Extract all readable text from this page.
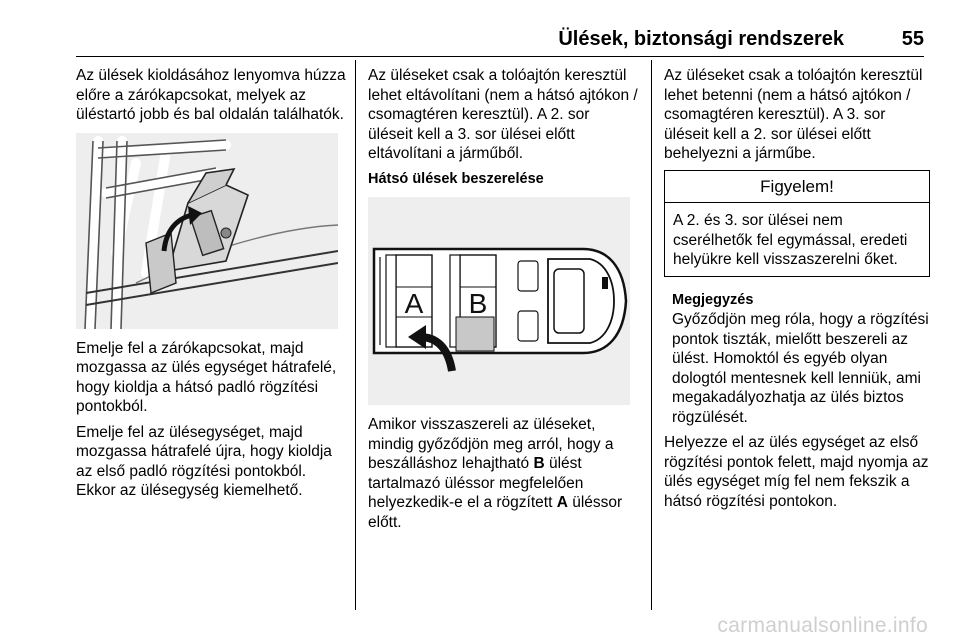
Ülések, biztonsági rendszerek	55

Az ülések kioldásához lenyomva húzza előre a zárókapcsokat, melyek az üléstartó jobb és bal oldalán találhatók.

Emelje fel a zárókapcsokat, majd mozgassa az ülés egységet hátrafelé, hogy kioldja a hátsó padló rögzítési pontokból.

Emelje fel az ülésegységet, majd mozgassa hátrafelé újra, hogy kioldja az első padló rögzítési pontokból. Ekkor az ülésegység kiemelhető.

Az üléseket csak a tolóajtón keresztül lehet eltávolítani (nem a hátsó ajtókon / csomagtéren keresztül). A 2. sor üléseit kell a 3. sor ülései előtt eltávolítani a járműből.

Hátsó ülések beszerelése
A B

Amikor visszaszereli az üléseket, mindig győződjön meg arról, hogy a beszálláshoz lehajtható B ülést tartalmazó üléssor megfelelően helyezkedik-e el a rögzített A üléssor előtt.

Az üléseket csak a tolóajtón keresztül lehet betenni (nem a hátsó ajtókon / csomagtéren keresztül). A 3. sor üléseit kell a 2. sor ülései előtt behelyezni a járműbe.

Figyelem!
A 2. és 3. sor ülései nem cserélhetők fel egymással, eredeti helyükre kell visszaszerelni őket.
Megjegyzés
Győződjön meg róla, hogy a rögzítési pontok tiszták, mielőtt beszereli az ülést. Homoktól és egyéb olyan dologtól mentesnek kell lenniük, ami megakadályozhatja az ülés biztos rögzülését.

Helyezze el az ülés egységet az első rögzítési pontok felett, majd nyomja az ülés egységet míg fel nem fekszik a hátsó rögzítési pontokon.

carmanualsonline.info
